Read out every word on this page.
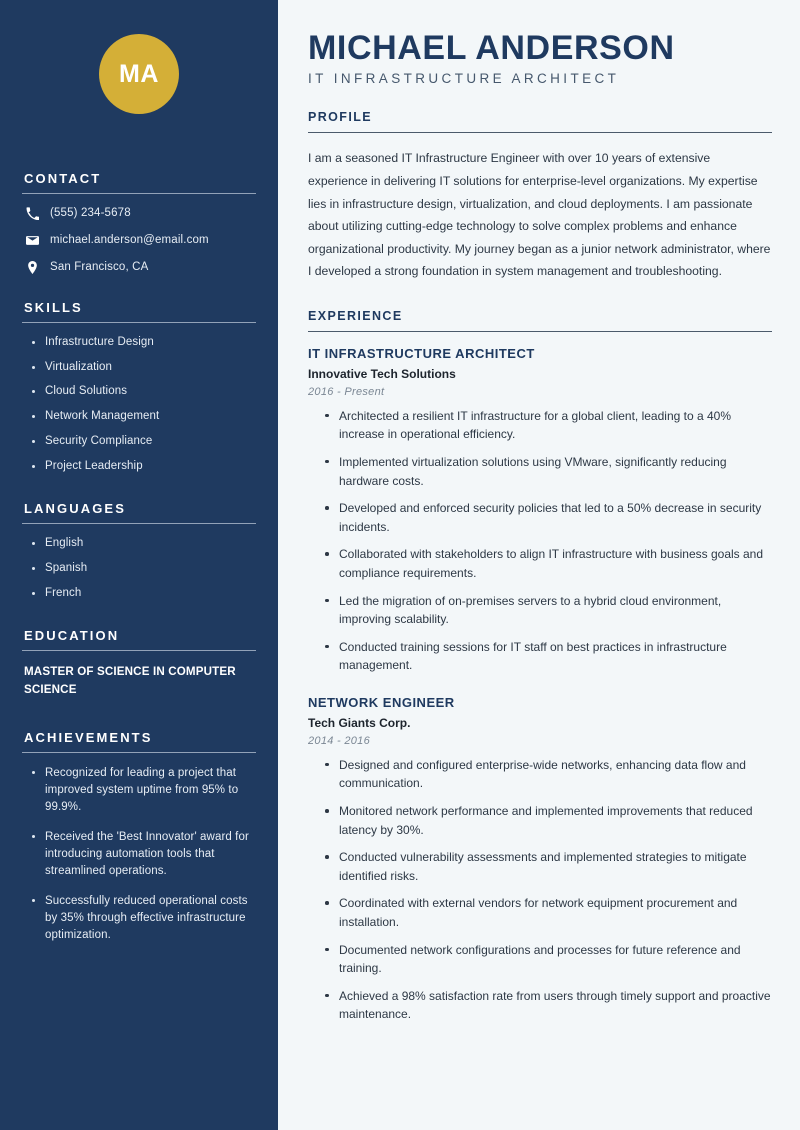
MA
CONTACT
(555) 234-5678
michael.anderson@email.com
San Francisco, CA
SKILLS
Infrastructure Design
Virtualization
Cloud Solutions
Network Management
Security Compliance
Project Leadership
LANGUAGES
English
Spanish
French
EDUCATION
MASTER OF SCIENCE IN COMPUTER SCIENCE
ACHIEVEMENTS
Recognized for leading a project that improved system uptime from 95% to 99.9%.
Received the 'Best Innovator' award for introducing automation tools that streamlined operations.
Successfully reduced operational costs by 35% through effective infrastructure optimization.
MICHAEL ANDERSON
IT INFRASTRUCTURE ARCHITECT
PROFILE

I am a seasoned IT Infrastructure Engineer with over 10 years of extensive experience in delivering IT solutions for enterprise-level organizations. My expertise lies in infrastructure design, virtualization, and cloud deployments. I am passionate about utilizing cutting-edge technology to solve complex problems and enhance organizational productivity. My journey began as a junior network administrator, where I developed a strong foundation in system management and troubleshooting.

EXPERIENCE
IT INFRASTRUCTURE ARCHITECT
Innovative Tech Solutions
2016 - Present
Architected a resilient IT infrastructure for a global client, leading to a 40% increase in operational efficiency.
Implemented virtualization solutions using VMware, significantly reducing hardware costs.
Developed and enforced security policies that led to a 50% decrease in security incidents.
Collaborated with stakeholders to align IT infrastructure with business goals and compliance requirements.
Led the migration of on-premises servers to a hybrid cloud environment, improving scalability.
Conducted training sessions for IT staff on best practices in infrastructure management.
NETWORK ENGINEER
Tech Giants Corp.
2014 - 2016
Designed and configured enterprise-wide networks, enhancing data flow and communication.
Monitored network performance and implemented improvements that reduced latency by 30%.
Conducted vulnerability assessments and implemented strategies to mitigate identified risks.
Coordinated with external vendors for network equipment procurement and installation.
Documented network configurations and processes for future reference and training.
Achieved a 98% satisfaction rate from users through timely support and proactive maintenance.
